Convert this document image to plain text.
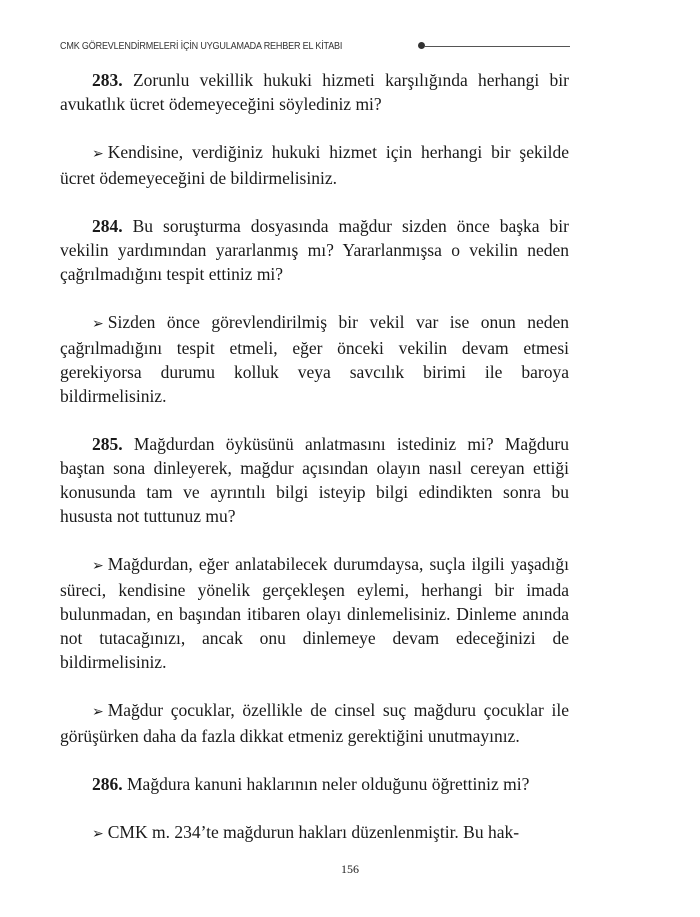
CMK GÖREVLENDİRMELERİ İÇİN UYGULAMADA REHBER EL KİTABI

283. Zorunlu vekillik hukuki hizmeti karşılığında herhangi bir avukatlık ücret ödemeyeceğini söylediniz mi?

➢ Kendisine, verdiğiniz hukuki hizmet için herhangi bir şekilde ücret ödemeyeceğini de bildirmelisiniz.

284. Bu soruşturma dosyasında mağdur sizden önce başka bir vekilin yardımından yararlanmış mı? Yararlanmışsa o vekilin neden çağrılmadığını tespit ettiniz mi?

➢ Sizden önce görevlendirilmiş bir vekil var ise onun neden çağrılmadığını tespit etmeli, eğer önceki vekilin devam etmesi gerekiyorsa durumu kolluk veya savcılık birimi ile baroya bildirmelisiniz.

285. Mağdurdan öyküsünü anlatmasını istediniz mi? Mağduru baştan sona dinleyerek, mağdur açısından olayın nasıl cereyan ettiği konusunda tam ve ayrıntılı bilgi isteyip bilgi edindikten sonra bu hususta not tuttunuz mu?

➢ Mağdurdan, eğer anlatabilecek durumdaysa, suçla ilgili yaşadığı süreci, kendisine yönelik gerçekleşen eylemi, herhangi bir imada bulunmadan, en başından itibaren olayı dinlemelisiniz. Dinleme anında not tutacağınızı, ancak onu dinlemeye devam edeceğinizi de bildirmelisiniz.

➢ Mağdur çocuklar, özellikle de cinsel suç mağduru çocuklar ile görüşürken daha da fazla dikkat etmeniz gerektiğini unutmayınız.

286. Mağdura kanuni haklarının neler olduğunu öğrettiniz mi?

➢ CMK m. 234’te mağdurun hakları düzenlenmiştir. Bu hak-

156
